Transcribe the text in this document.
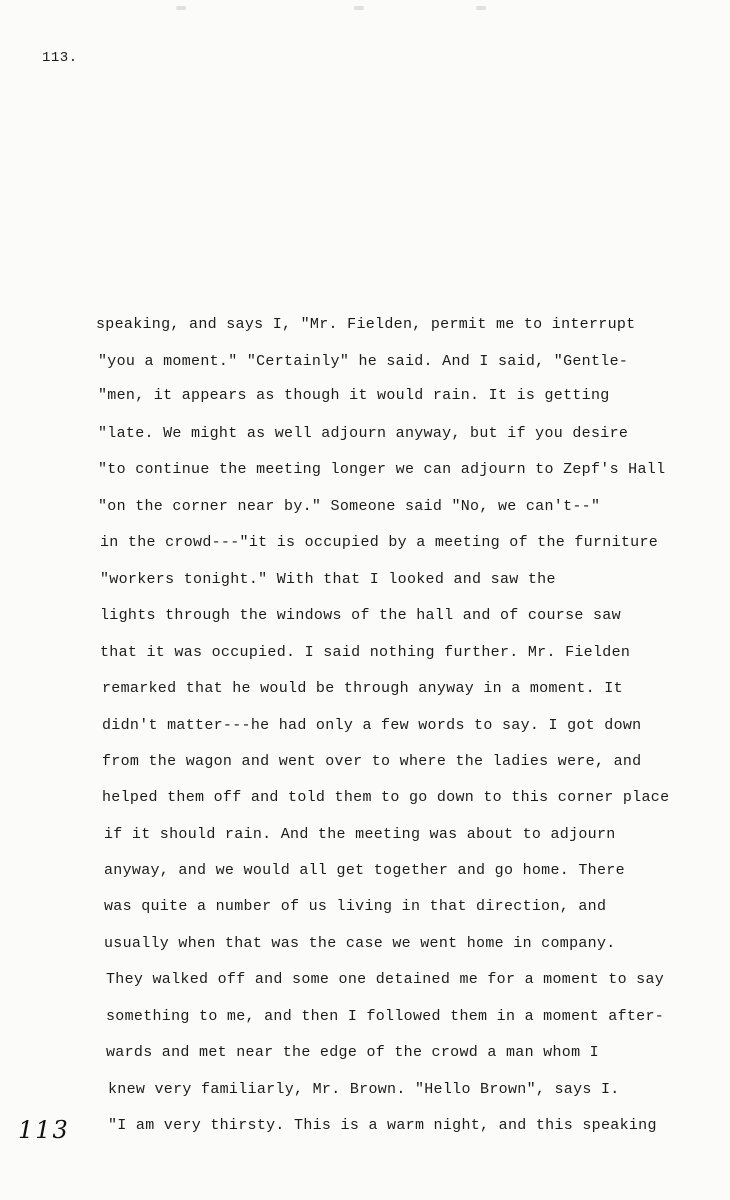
113.

speaking, and says I, "Mr. Fielden, permit me to interrupt

"you a moment." "Certainly" he said. And I said, "Gentle-

"men, it appears as though it would rain. It is getting

"late. We might as well adjourn anyway, but if you desire

"to continue the meeting longer we can adjourn to Zepf's Hall

"on the corner near by." Someone said "No, we can't--"

in the crowd---"it is occupied by a meeting of the furniture

"workers tonight." With that I looked and saw the

lights through the windows of the hall and of course saw

that it was occupied. I said nothing further. Mr. Fielden

remarked that he would be through anyway in a moment. It

didn't matter---he had only a few words to say. I got down

from the wagon and went over to where the ladies were, and

helped them off and told them to go down to this corner place

if it should rain. And the meeting was about to adjourn

anyway, and we would all get together and go home. There

was quite a number of us living in that direction, and

usually when that was the case we went home in company.

They walked off and some one detained me for a moment to say

something to me, and then I followed them in a moment after-

wards and met near the edge of the crowd a man whom I

knew very familiarly, Mr. Brown. "Hello Brown", says I.

"I am very thirsty. This is a warm night, and this speaking

113
